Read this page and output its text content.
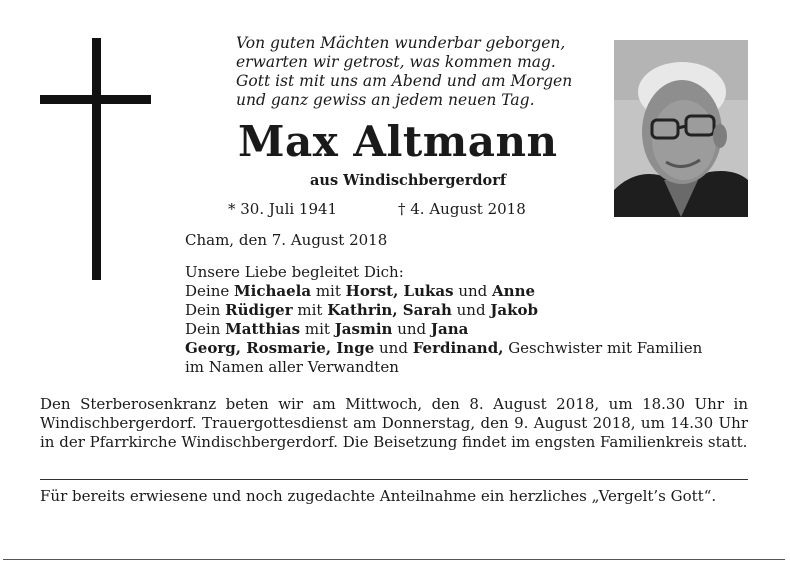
Von guten Mächten wunderbar geborgen,
erwarten wir getrost, was kommen mag.
Gott ist mit uns am Abend und am Morgen
und ganz gewiss an jedem neuen Tag.
Max Altmann
aus Windischbergerdorf
* 30. Juli 1941	† 4. August 2018
Cham, den 7. August 2018
Unsere Liebe begleitet Dich:
Deine Michaela mit Horst, Lukas und Anne
Dein Rüdiger mit Kathrin, Sarah und Jakob
Dein Matthias mit Jasmin und Jana
Georg, Rosmarie, Inge und Ferdinand, Geschwister mit Familien
im Namen aller Verwandten
Den Sterberosenkranz beten wir am Mittwoch, den 8. August 2018, um 18.30 Uhr in Windischbergerdorf. Trauergottesdienst am Donnerstag, den 9. August 2018, um 14.30 Uhr in der Pfarrkirche Windischbergerdorf. Die Beisetzung findet im engsten Familienkreis statt.
Für bereits erwiesene und noch zugedachte Anteilnahme ein herzliches „Vergelt’s Gott“.
